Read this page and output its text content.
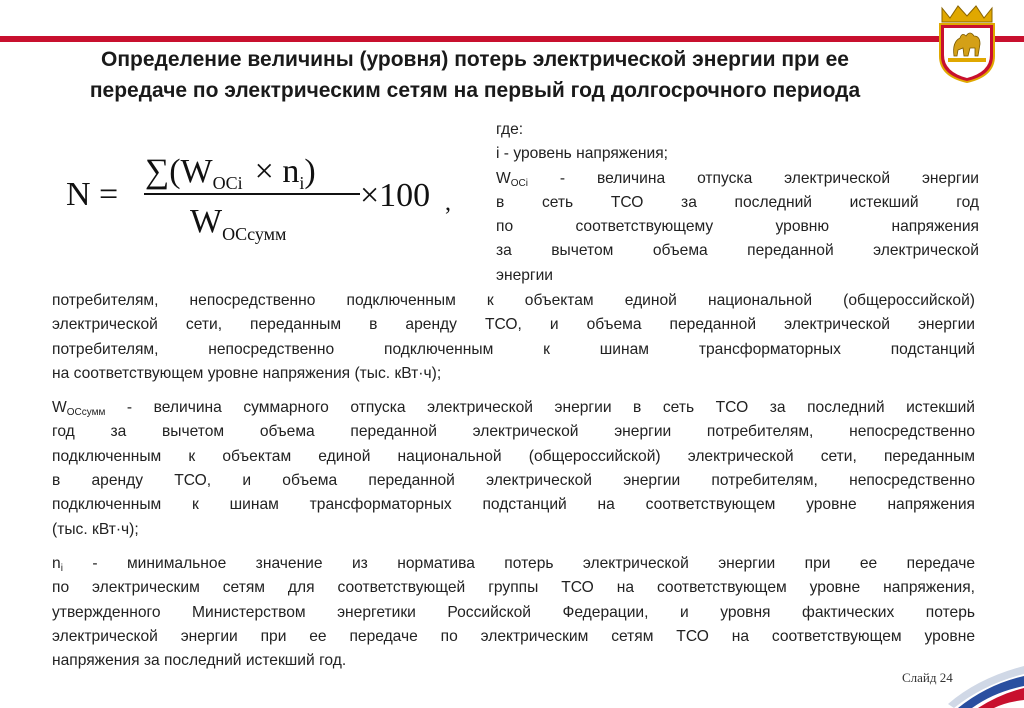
Определение величины (уровня) потерь электрической энергии при ее
передаче по электрическим сетям на первый год долгосрочного периода
N =
$\sum(W_{OCi} \times n_i)$
$W_{OCсумм}$
×100 ,
где:
i - уровень напряжения;
$W_{OCi}$ - величина отпуска электрической энергии
в сеть ТСО за последний истекший год
по соответствующему уровню напряжения
за вычетом объема переданной электрической
энергии
потребителям, непосредственно подключенным к объектам единой национальной (общероссийской)
электрической сети, переданным в аренду ТСО, и объема переданной электрической энергии
потребителям, непосредственно подключенным к шинам трансформаторных подстанций
на соответствующем уровне напряжения (тыс. кВт·ч);
$W_{OCсумм}$ - величина суммарного отпуска электрической энергии в сеть ТСО за последний истекший
год за вычетом объема переданной электрической энергии потребителям, непосредственно
подключенным к объектам единой национальной (общероссийской) электрической сети, переданным
в аренду ТСО, и объема переданной электрической энергии потребителям, непосредственно
подключенным к шинам трансформаторных подстанций на соответствующем уровне напряжения
(тыс. кВт·ч);
$n_i$ - минимальное значение из норматива потерь электрической энергии при ее передаче
по электрическим сетям для соответствующей группы ТСО на соответствующем уровне напряжения,
утвержденного Министерством энергетики Российской Федерации, и уровня фактических потерь
электрической энергии при ее передаче по электрическим сетям ТСО на соответствующем уровне
напряжения за последний истекший год.
Слайд 24
